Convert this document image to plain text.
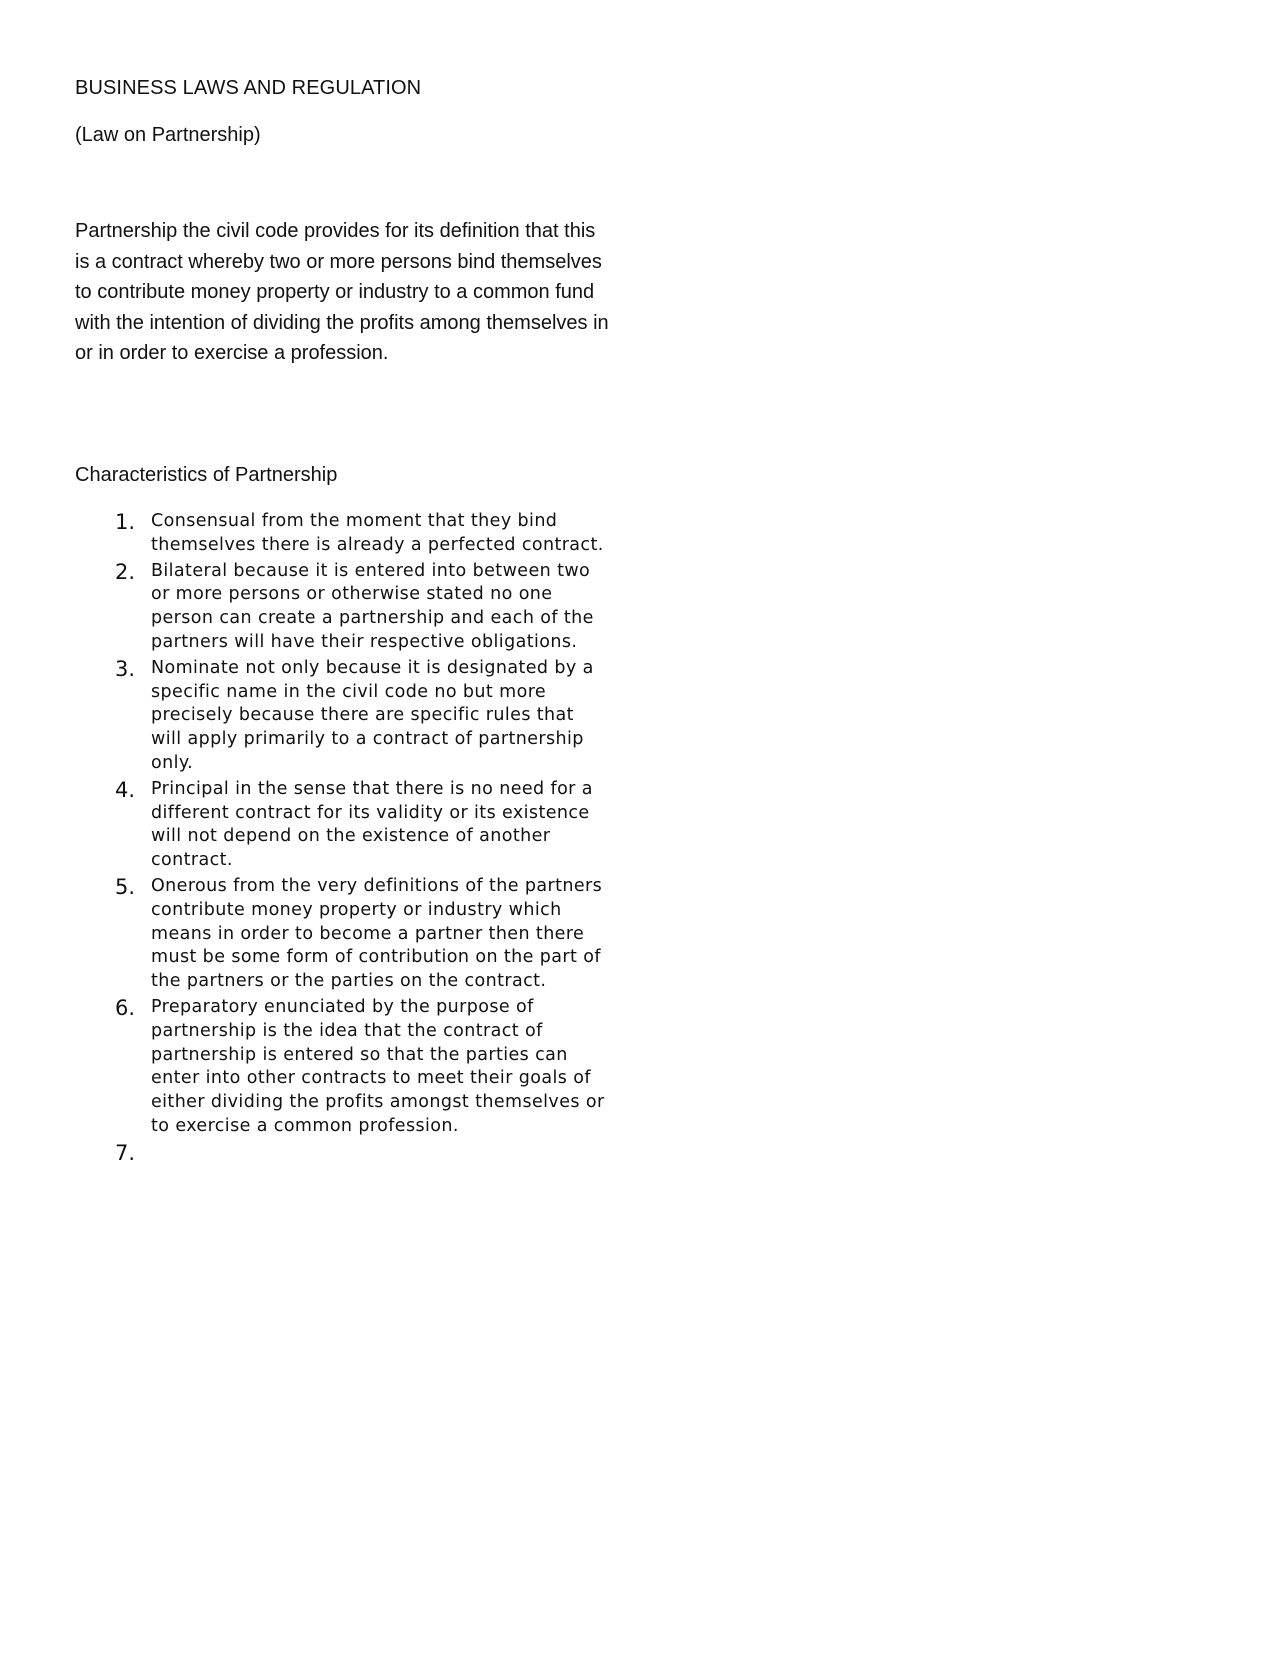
BUSINESS LAWS AND REGULATION

(Law on Partnership)

Partnership the civil code provides for its definition that this is a contract whereby two or more persons bind themselves to contribute money property or industry to a common fund with the intention of dividing the profits among themselves in or in order to exercise a profession.

Characteristics of Partnership
1. Consensual from the moment that they bind themselves there is already a perfected contract.
2. Bilateral because it is entered into between two or more persons or otherwise stated no one person can create a partnership and each of the partners will have their respective obligations.
3. Nominate not only because it is designated by a specific name in the civil code no but more precisely because there are specific rules that will apply primarily to a contract of partnership only.
4. Principal in the sense that there is no need for a different contract for its validity or its existence will not depend on the existence of another contract.
5. Onerous from the very definitions of the partners contribute money property or industry which means in order to become a partner then there must be some form of contribution on the part of the partners or the parties on the contract.
6. Preparatory enunciated by the purpose of partnership is the idea that the contract of partnership is entered so that the parties can enter into other contracts to meet their goals of either dividing the profits amongst themselves or to exercise a common profession.
7.
